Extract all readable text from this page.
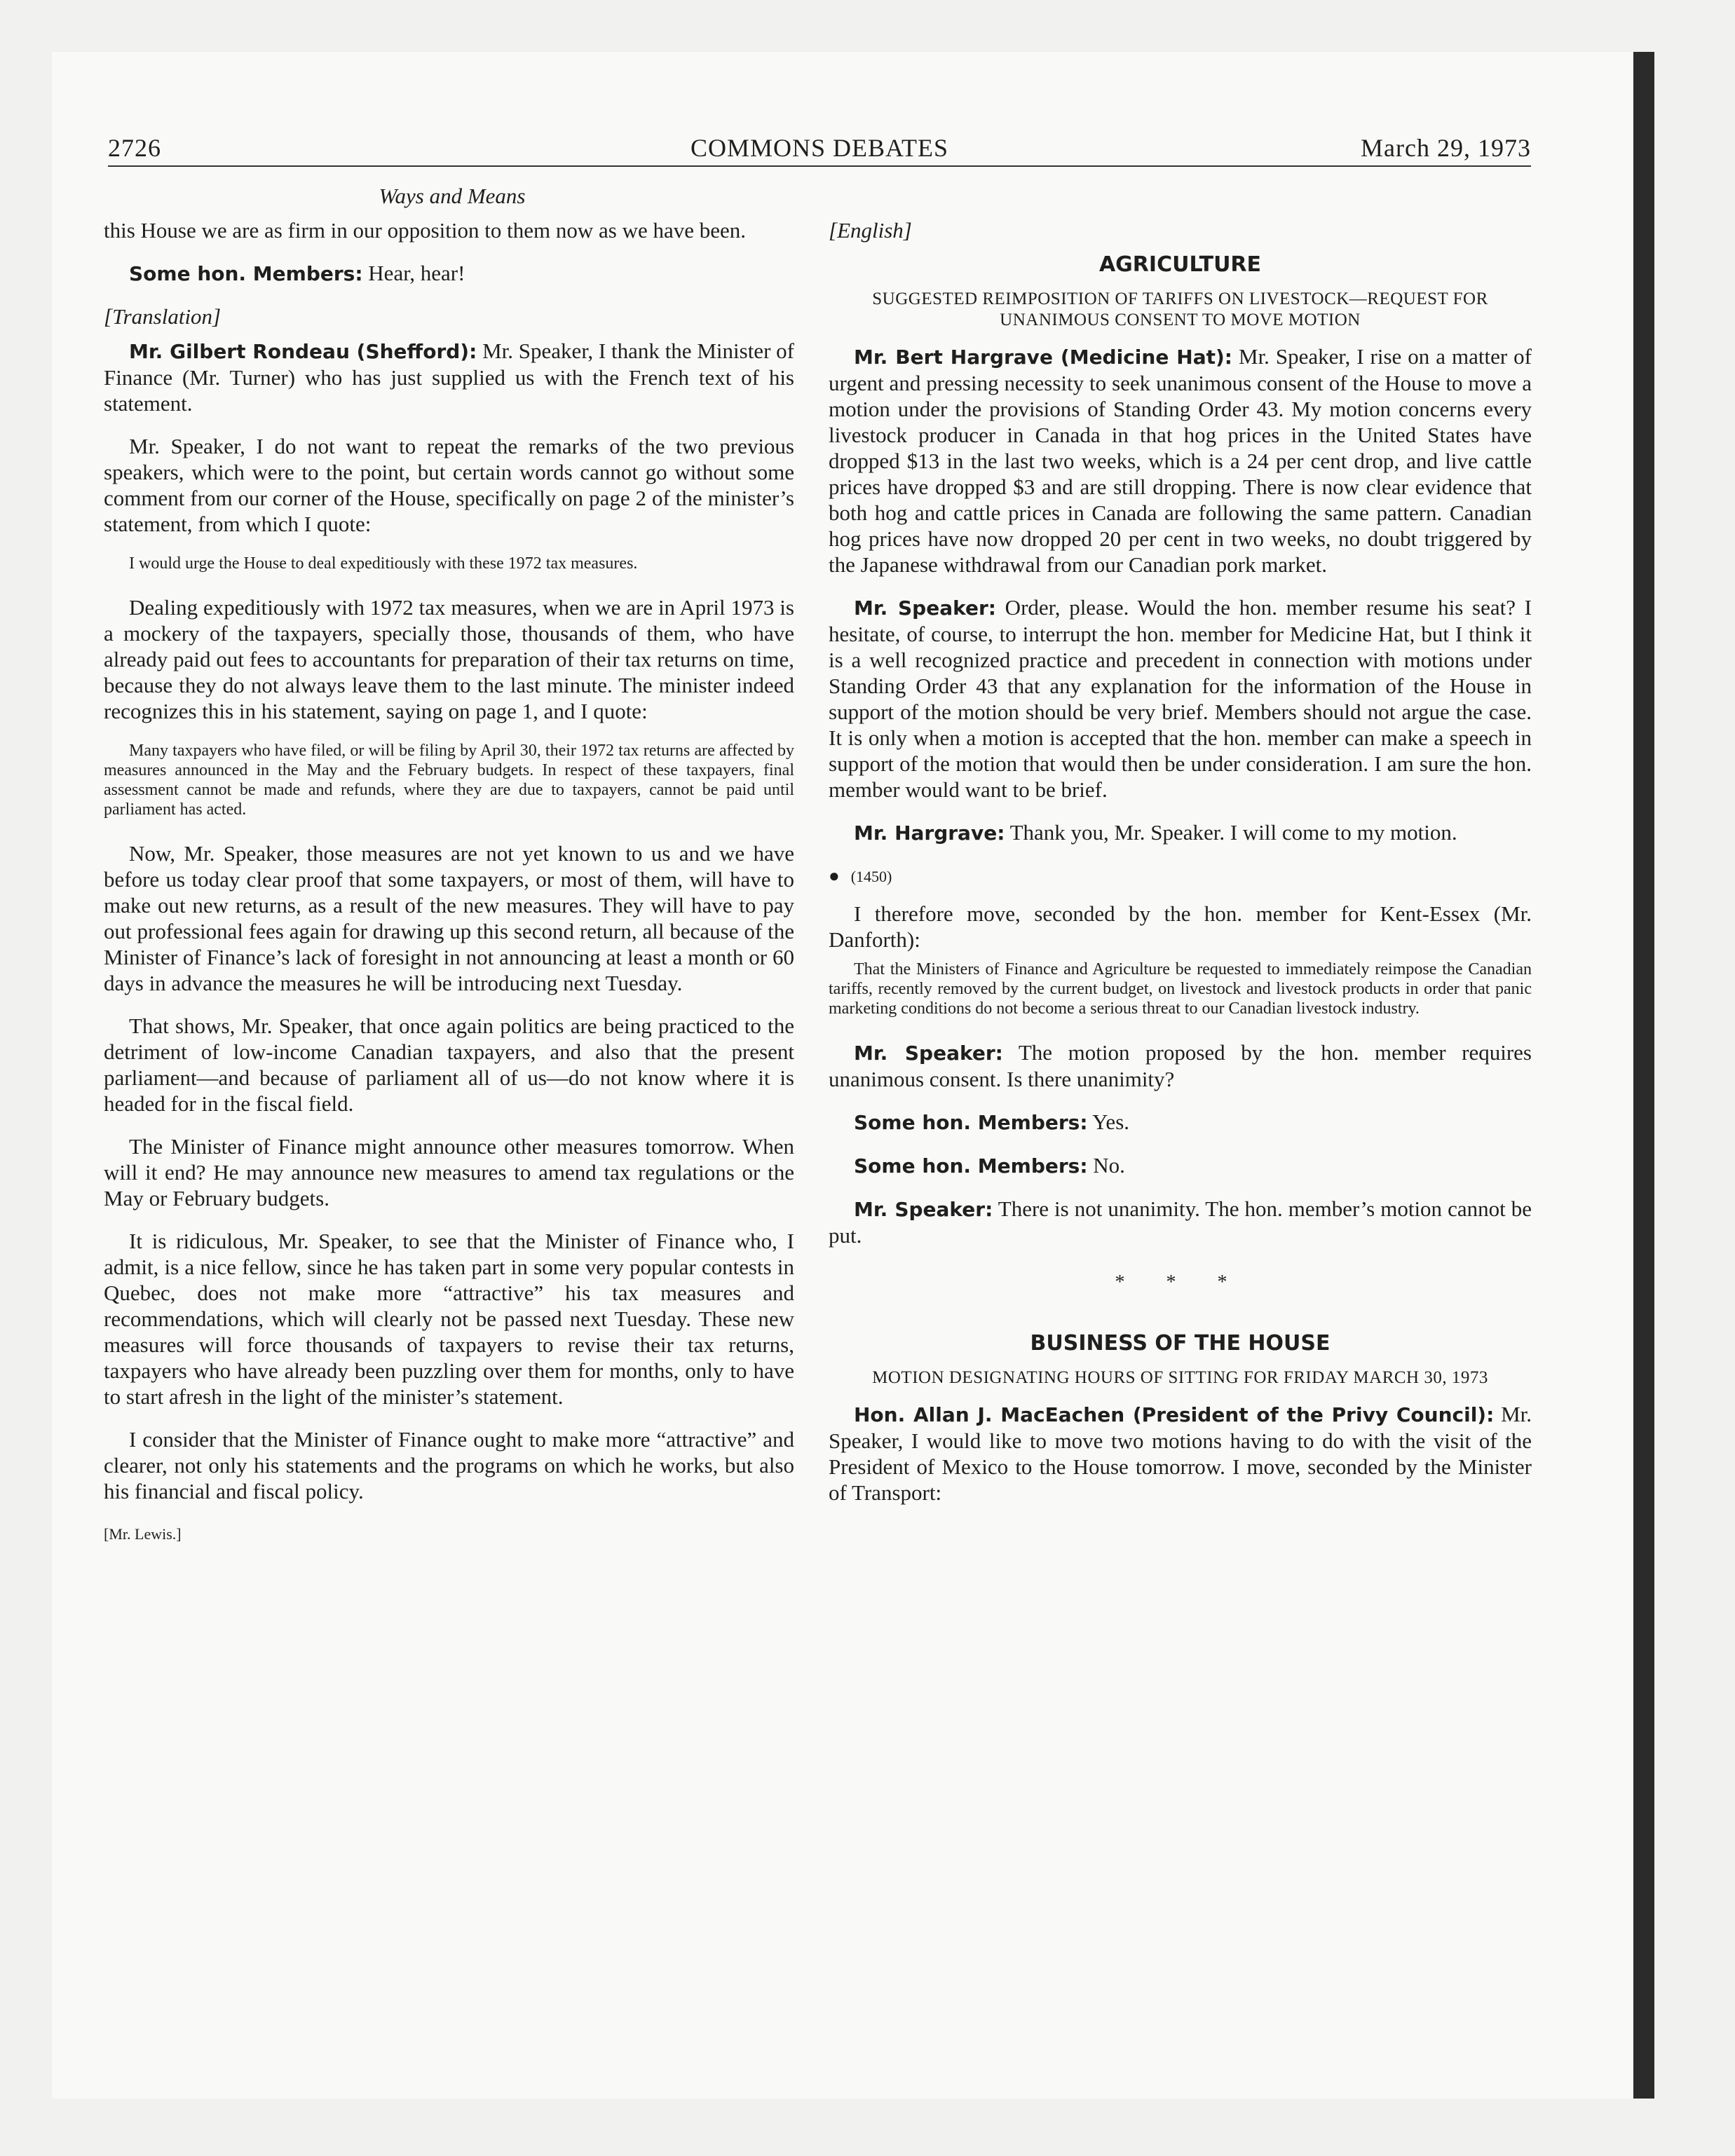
2726	COMMONS DEBATES	March 29, 1973
Ways and Means

this House we are as firm in our opposition to them now as we have been.

Some hon. Members: Hear, hear!

[Translation]

Mr. Gilbert Rondeau (Shefford): Mr. Speaker, I thank the Minister of Finance (Mr. Turner) who has just supplied us with the French text of his statement.

Mr. Speaker, I do not want to repeat the remarks of the two previous speakers, which were to the point, but certain words cannot go without some comment from our corner of the House, specifically on page 2 of the minister’s statement, from which I quote:

I would urge the House to deal expeditiously with these 1972 tax measures.

Dealing expeditiously with 1972 tax measures, when we are in April 1973 is a mockery of the taxpayers, specially those, thousands of them, who have already paid out fees to accountants for preparation of their tax returns on time, because they do not always leave them to the last minute. The minister indeed recognizes this in his statement, saying on page 1, and I quote:

Many taxpayers who have filed, or will be filing by April 30, their 1972 tax returns are affected by measures announced in the May and the February budgets. In respect of these taxpayers, final assessment cannot be made and refunds, where they are due to taxpayers, cannot be paid until parliament has acted.

Now, Mr. Speaker, those measures are not yet known to us and we have before us today clear proof that some taxpayers, or most of them, will have to make out new returns, as a result of the new measures. They will have to pay out professional fees again for drawing up this second return, all because of the Minister of Finance’s lack of foresight in not announcing at least a month or 60 days in advance the measures he will be introducing next Tuesday.

That shows, Mr. Speaker, that once again politics are being practiced to the detriment of low-income Canadian taxpayers, and also that the present parliament—and because of parliament all of us—do not know where it is headed for in the fiscal field.

The Minister of Finance might announce other measures tomorrow. When will it end? He may announce new measures to amend tax regulations or the May or February budgets.

It is ridiculous, Mr. Speaker, to see that the Minister of Finance who, I admit, is a nice fellow, since he has taken part in some very popular contests in Quebec, does not make more “attractive” his tax measures and recommendations, which will clearly not be passed next Tuesday. These new measures will force thousands of taxpayers to revise their tax returns, taxpayers who have already been puzzling over them for months, only to have to start afresh in the light of the minister’s statement.

I consider that the Minister of Finance ought to make more “attractive” and clearer, not only his statements and the programs on which he works, but also his financial and fiscal policy.

[Mr. Lewis.]
[English]
AGRICULTURE
SUGGESTED REIMPOSITION OF TARIFFS ON LIVESTOCK—REQUEST FOR UNANIMOUS CONSENT TO MOVE MOTION

Mr. Bert Hargrave (Medicine Hat): Mr. Speaker, I rise on a matter of urgent and pressing necessity to seek unanimous consent of the House to move a motion under the provisions of Standing Order 43. My motion concerns every livestock producer in Canada in that hog prices in the United States have dropped $13 in the last two weeks, which is a 24 per cent drop, and live cattle prices have dropped $3 and are still dropping. There is now clear evidence that both hog and cattle prices in Canada are following the same pattern. Canadian hog prices have now dropped 20 per cent in two weeks, no doubt triggered by the Japanese withdrawal from our Canadian pork market.

Mr. Speaker: Order, please. Would the hon. member resume his seat? I hesitate, of course, to interrupt the hon. member for Medicine Hat, but I think it is a well recognized practice and precedent in connection with motions under Standing Order 43 that any explanation for the information of the House in support of the motion should be very brief. Members should not argue the case. It is only when a motion is accepted that the hon. member can make a speech in support of the motion that would then be under consideration. I am sure the hon. member would want to be brief.

Mr. Hargrave: Thank you, Mr. Speaker. I will come to my motion.

● (1450)

I therefore move, seconded by the hon. member for Kent-Essex (Mr. Danforth):

That the Ministers of Finance and Agriculture be requested to immediately reimpose the Canadian tariffs, recently removed by the current budget, on livestock and livestock products in order that panic marketing conditions do not become a serious threat to our Canadian livestock industry.

Mr. Speaker: The motion proposed by the hon. member requires unanimous consent. Is there unanimity?

Some hon. Members: Yes.

Some hon. Members: No.

Mr. Speaker: There is not unanimity. The hon. member’s motion cannot be put.

* * *
BUSINESS OF THE HOUSE
MOTION DESIGNATING HOURS OF SITTING FOR FRIDAY MARCH 30, 1973

Hon. Allan J. MacEachen (President of the Privy Council): Mr. Speaker, I would like to move two motions having to do with the visit of the President of Mexico to the House tomorrow. I move, seconded by the Minister of Transport:
